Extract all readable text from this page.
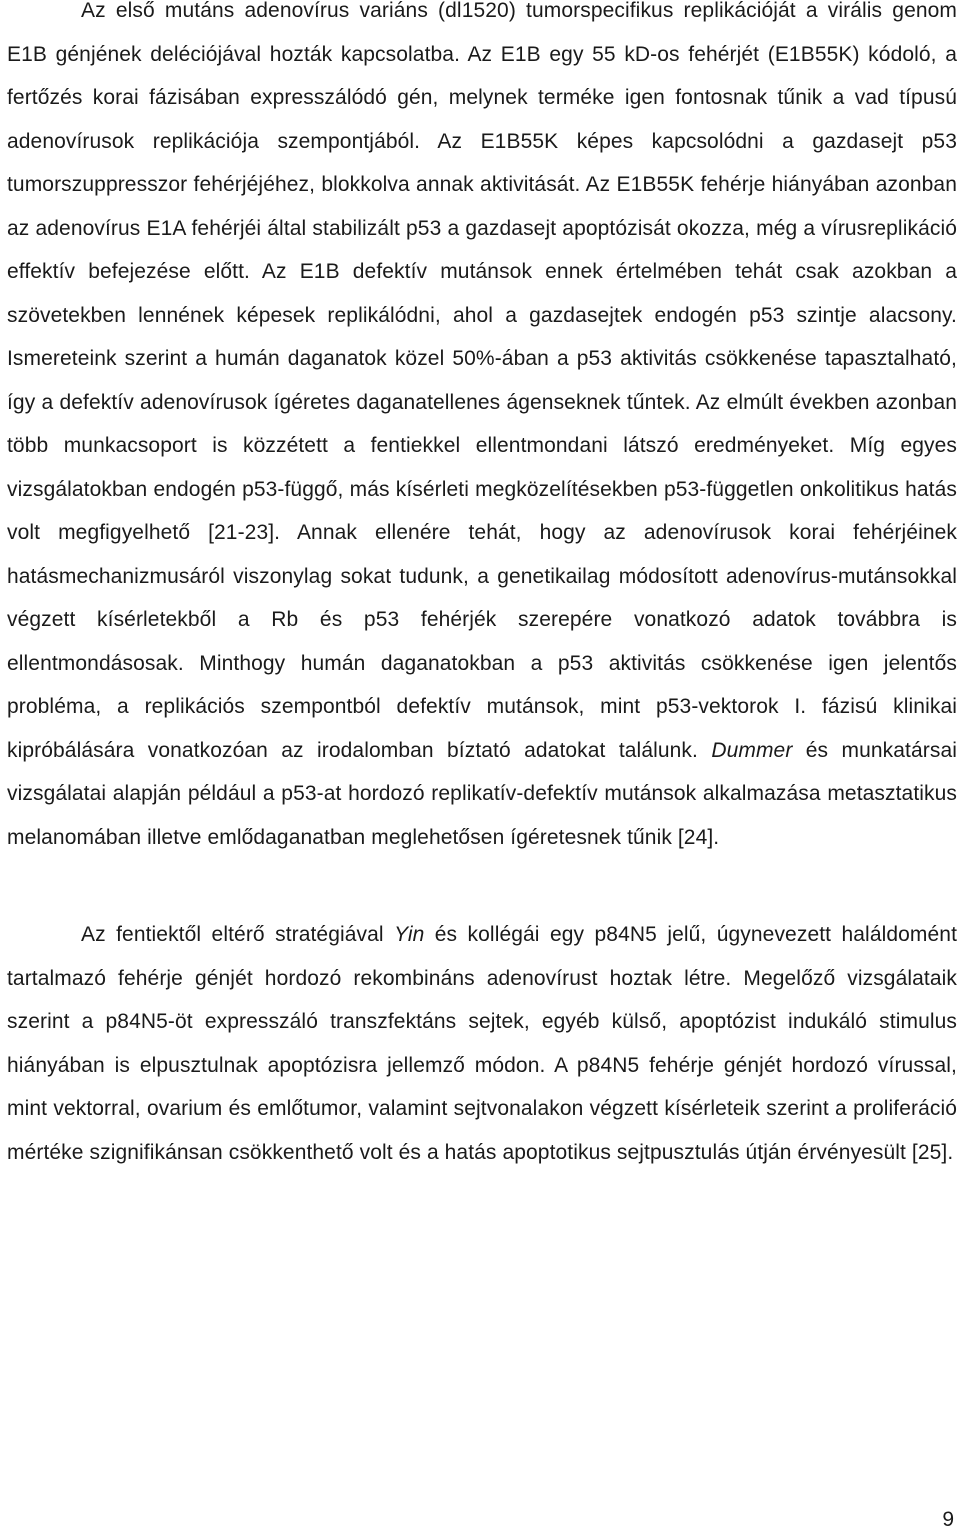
Az első mutáns adenovírus variáns (dl1520) tumorspecifikus replikációját a virális genom E1B génjének deléciójával hozták kapcsolatba. Az E1B egy 55 kD-os fehérjét (E1B55K) kódoló, a fertőzés korai fázisában expresszálódó gén, melynek terméke igen fontosnak tűnik a vad típusú adenovírusok replikációja szempontjából. Az E1B55K képes kapcsolódni a gazdasejt p53 tumorszuppresszor fehérjéjéhez, blokkolva annak aktivitását. Az E1B55K fehérje hiányában azonban az adenovírus E1A fehérjéi által stabilizált p53 a gazdasejt apoptózisát okozza, még a vírusreplikáció effektív befejezése előtt. Az E1B defektív mutánsok ennek értelmében tehát csak azokban a szövetekben lennének képesek replikálódni, ahol a gazdasejtek endogén p53 szintje alacsony. Ismereteink szerint a humán daganatok közel 50%-ában a p53 aktivitás csökkenése tapasztalható, így a defektív adenovírusok ígéretes daganatellenes ágenseknek tűntek. Az elmúlt években azonban több munkacsoport is közzétett a fentiekkel ellentmondani látszó eredményeket. Míg egyes vizsgálatokban endogén p53-függő, más kísérleti megközelítésekben p53-független onkolitikus hatás volt megfigyelhető [21-23]. Annak ellenére tehát, hogy az adenovírusok korai fehérjéinek hatásmechanizmusáról viszonylag sokat tudunk, a genetikailag módosított adenovírus-mutánsokkal végzett kísérletekből a Rb és p53 fehérjék szerepére vonatkozó adatok továbbra is ellentmondásosak. Minthogy humán daganatokban a p53 aktivitás csökkenése igen jelentős probléma, a replikációs szempontból defektív mutánsok, mint p53-vektorok I. fázisú klinikai kipróbálására vonatkozóan az irodalomban bíztató adatokat találunk. Dummer és munkatársai vizsgálatai alapján például a p53-at hordozó replikatív-defektív mutánsok alkalmazása metasztatikus melanomában illetve emlődaganatban meglehetősen ígéretesnek tűnik [24].

Az fentiektől eltérő stratégiával Yin és kollégái egy p84N5 jelű, úgynevezett haláldomént tartalmazó fehérje génjét hordozó rekombináns adenovírust hoztak létre. Megelőző vizsgálataik szerint a p84N5-öt expresszáló transzfektáns sejtek, egyéb külső, apoptózist indukáló stimulus hiányában is elpusztulnak apoptózisra jellemző módon. A p84N5 fehérje génjét hordozó vírussal, mint vektorral, ovarium és emlőtumor, valamint sejtvonalakon végzett kísérleteik szerint a proliferáció mértéke szignifikánsan csökkenthető volt és a hatás apoptotikus sejtpusztulás útján érvényesült [25].

9
